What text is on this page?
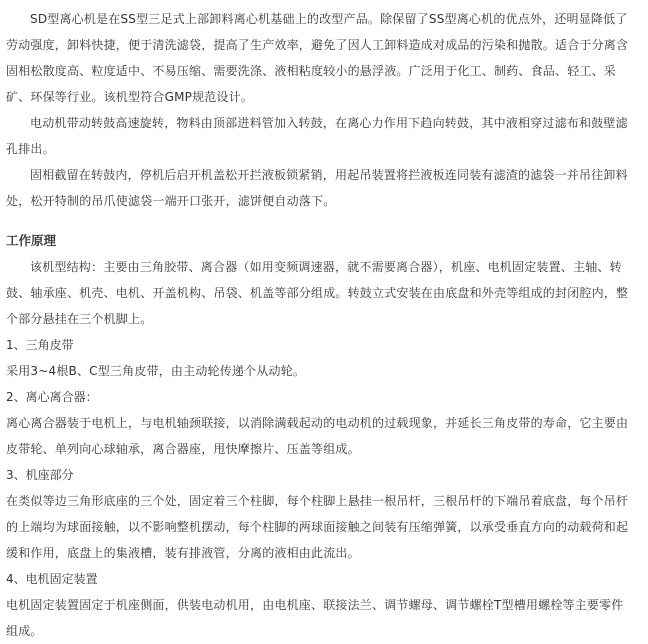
SD型离心机是在SS型三足式上部卸料离心机基础上的改型产品。除保留了SS型离心机的优点外，还明显降低了劳动强度，卸料快捷，便于清洗滤袋，提高了生产效率，避免了因人工卸料造成对成品的污染和抛散。适合于分离含固相松散度高、粒度适中、不易压缩、需要洗涤、液相粘度较小的悬浮液。广泛用于化工、制药、食品、轻工、采矿、环保等行业。该机型符合GMP规范设计。

电动机带动转鼓高速旋转，物料由顶部进料管加入转鼓，在离心力作用下趋向转鼓，其中液相穿过滤布和鼓壁滤孔排出。

固相截留在转鼓内，停机后启开机盖松开拦液板锁紧销，用起吊装置将拦液板连同装有滤渣的滤袋一并吊往卸料处，松开特制的吊爪使滤袋一端开口张开，滤饼便自动落下。

工作原理

该机型结构：主要由三角胶带、离合器（如用变频调速器，就不需要离合器），机座、电机固定装置、主轴、转鼓、轴承座、机壳、电机、开盖机构、吊袋、机盖等部分组成。转鼓立式安装在由底盘和外壳等组成的封闭腔内，整个部分悬挂在三个机脚上。

1、三角皮带

采用3~4根B、C型三角皮带，由主动轮传递个从动轮。

2、离心离合器：

离心离合器装于电机上，与电机轴颈联接，以消除满载起动的电动机的过载现象，并延长三角皮带的寿命，它主要由皮带轮、单列向心球轴承，离合器座，甩快摩擦片、压盖等组成。

3、机座部分

在类似等边三角形底座的三个处，固定着三个柱脚，每个柱脚上悬挂一根吊杆，三根吊杆的下端吊着底盘，每个吊杆的上端均为球面接触，以不影响整机摆动，每个柱脚的两球面接触之间装有压缩弹簧，以承受垂直方向的动载荷和起缓和作用，底盘上的集液槽，装有排液管，分离的液相由此流出。

4、电机固定装置

电机固定装置固定于机座侧面，供装电动机用，由电机座、联接法兰、调节螺母、调节螺栓T型槽用螺栓等主要零件组成。
